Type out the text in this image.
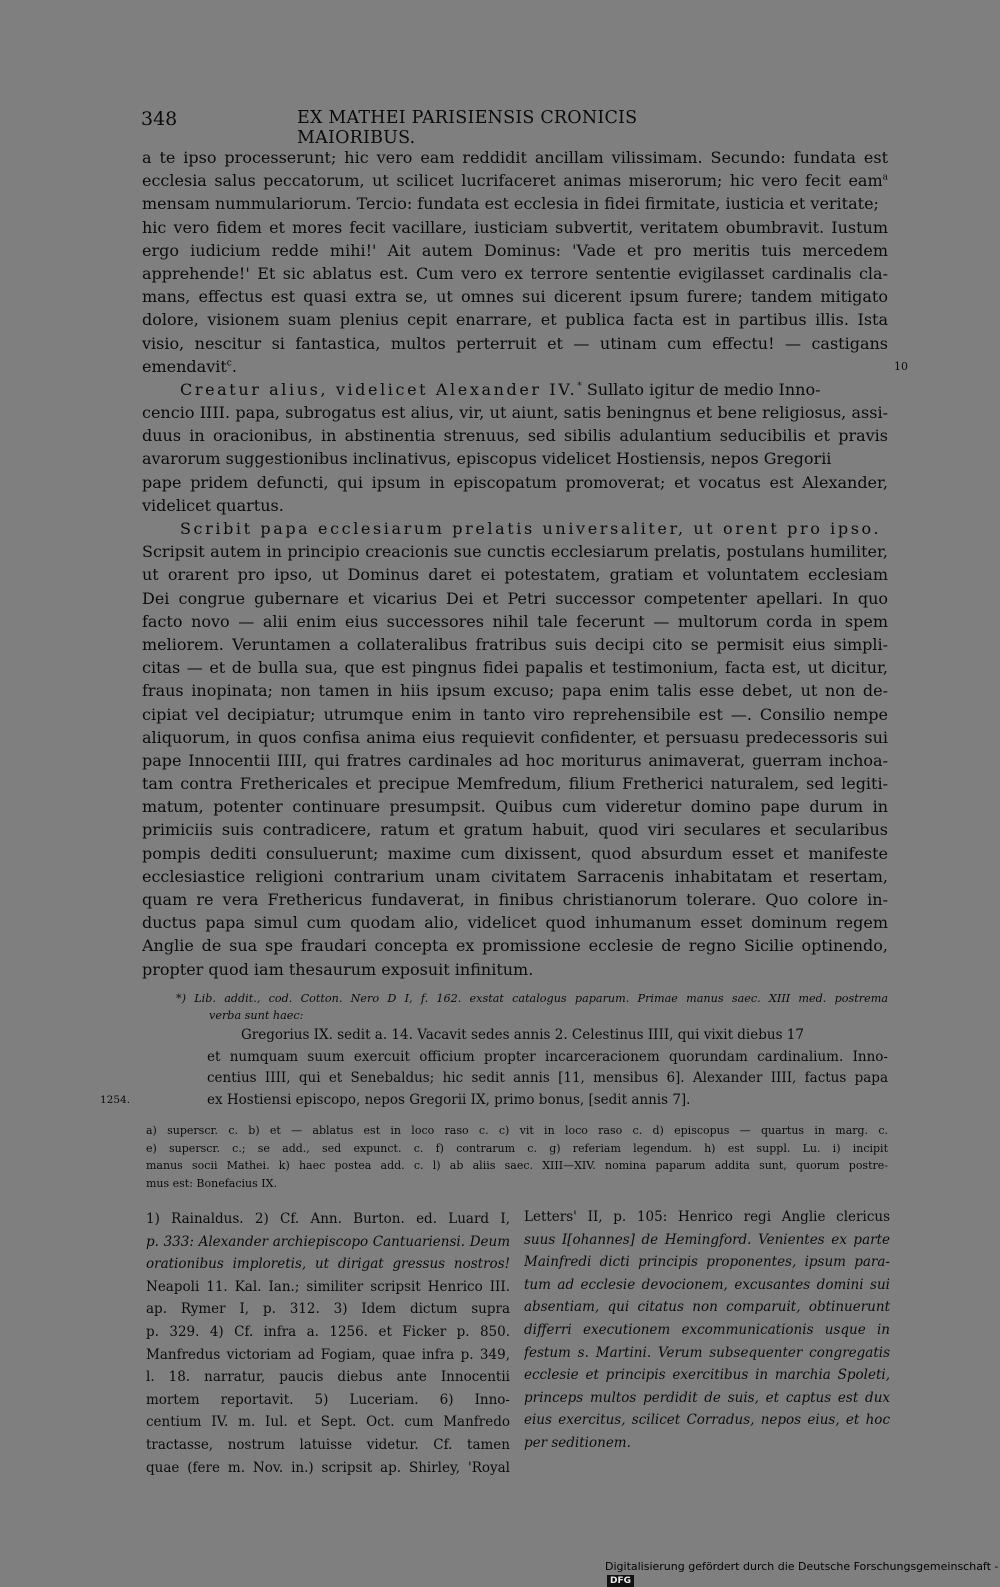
348	EX MATHEI PARISIENSIS CRONICIS MAIORIBUS.
a te ipso processerunt; hic vero eam reddidit ancillam vilissimam. Secundo: fundata est
ecclesia salus peccatorum, ut scilicet lucrifaceret animas miserorum; hic vero fecit eam$^a$
mensam nummulariorum. Tercio: fundata est ecclesia in fidei firmitate, iusticia et veritate;
hic vero fidem et mores fecit vacillare, iusticiam subvertit, veritatem obumbravit. Iustum
ergo iudicium redde mihi!' Ait autem Dominus: 'Vade et pro meritis tuis mercedem
apprehende!' Et sic ablatus est. Cum vero ex terrore sententie evigilasset cardinalis cla-
mans, effectus est quasi extra se, ut omnes sui dicerent ipsum furere; tandem mitigato
dolore, visionem suam plenius cepit enarrare, et publica facta est in partibus illis. Ista
visio, nescitur si fantastica, multos perterruit et — utinam cum effectu! — castigans
emendavit$^c$.	10
Creatur alius, videlicet Alexander IV.* Sullato igitur de medio Inno-
cencio IIII. papa, subrogatus est alius, vir, ut aiunt, satis beningnus et bene religiosus, assi-
duus in oracionibus, in abstinentia strenuus, sed sibilis adulantium seducibilis et pravis
avarorum suggestionibus inclinativus, episcopus videlicet Hostiensis, nepos Gregorii
pape pridem defuncti, qui ipsum in episcopatum promoverat; et vocatus est Alexander,
videlicet quartus.
Scribit papa ecclesiarum prelatis universaliter, ut orent pro ipso.
Scripsit autem in principio creacionis sue cunctis ecclesiarum prelatis, postulans humiliter,
ut orarent pro ipso, ut Dominus daret ei potestatem, gratiam et voluntatem ecclesiam
Dei congrue gubernare et vicarius Dei et Petri successor competenter apellari. In quo
facto novo — alii enim eius successores nihil tale fecerunt — multorum corda in spem
meliorem. Veruntamen a collateralibus fratribus suis decipi cito se permisit eius simpli-
citas — et de bulla sua, que est pingnus fidei papalis et testimonium, facta est, ut dicitur,
fraus inopinata; non tamen in hiis ipsum excuso; papa enim talis esse debet, ut non de-
cipiat vel decipiatur; utrumque enim in tanto viro reprehensibile est —. Consilio nempe
aliquorum, in quos confisa anima eius requievit confidenter, et persuasu predecessoris sui
pape Innocentii IIII, qui fratres cardinales ad hoc moriturus animaverat, guerram inchoa-
tam contra Frethericales et precipue Memfredum, filium Fretherici naturalem, sed legiti-
matum, potenter continuare presumpsit. Quibus cum videretur domino pape durum in
primiciis suis contradicere, ratum et gratum habuit, quod viri seculares et secularibus
pompis dediti consuluerunt; maxime cum dixissent, quod absurdum esset et manifeste
ecclesiastice religioni contrarium unam civitatem Sarracenis inhabitatam et resertam,
quam re vera Frethericus fundaverat, in finibus christianorum tolerare. Quo colore in-
ductus papa simul cum quodam alio, videlicet quod inhumanum esset dominum regem
Anglie de sua spe fraudari concepta ex promissione ecclesie de regno Sicilie optinendo,
propter quod iam thesaurum exposuit infinitum.
*) Lib. addit., cod. Cotton. Nero D I, f. 162. exstat catalogus paparum. Primae manus saec. XIII med. postrema
verba sunt haec:
Gregorius IX. sedit a. 14. Vacavit sedes annis 2. Celestinus IIII, qui vixit diebus 17
et numquam suum exercuit officium propter incarceracionem quorundam cardinalium. Inno-
centius IIII, qui et Senebaldus; hic sedit annis [11, mensibus 6]. Alexander IIII, factus papa
1254.	ex Hostiensi episcopo, nepos Gregorii IX, primo bonus, [sedit annis 7].
a) superscr. c. b) et — ablatus est in loco raso c. c) vit in loco raso c. d) episcopus — quartus in marg. c.
e) superscr. c.; se add., sed expunct. c. f) contrarum c. g) referiam legendum. h) est suppl. Lu. i) incipit
manus socii Mathei. k) haec postea add. c. l) ab aliis saec. XIII—XIV. nomina paparum addita sunt, quorum postre-
mus est: Bonefacius IX.
1) Rainaldus. 2) Cf. Ann. Burton. ed. Luard I,
p. 333: Alexander archiepiscopo Cantuariensi. Deum
orationibus imploretis, ut dirigat gressus nostros!
Neapoli 11. Kal. Ian.; similiter scripsit Henrico III.
ap. Rymer I, p. 312. 3) Idem dictum supra
p. 329. 4) Cf. infra a. 1256. et Ficker p. 850.
Manfredus victoriam ad Fogiam, quae infra p. 349,
l. 18. narratur, paucis diebus ante Innocentii
mortem reportavit. 5) Luceriam. 6) Inno-
centium IV. m. Iul. et Sept. Oct. cum Manfredo
tractasse, nostrum latuisse videtur. Cf. tamen
quae (fere m. Nov. in.) scripsit ap. Shirley, 'Royal
Letters' II, p. 105: Henrico regi Anglie clericus
suus I[ohannes] de Hemingford. Venientes ex parte
Mainfredi dicti principis proponentes, ipsum para-
tum ad ecclesie devocionem, excusantes domini sui
absentiam, qui citatus non comparuit, obtinuerunt
differri executionem excommunicationis usque in
festum s. Martini. Verum subsequenter congregatis
ecclesie et principis exercitibus in marchia Spoleti,
princeps multos perdidit de suis, et captus est dux
eius exercitus, scilicet Corradus, nepos eius, et hoc
per seditionem.
Digitalisierung gefördert durch die Deutsche Forschungsgemeinschaft -DFG
